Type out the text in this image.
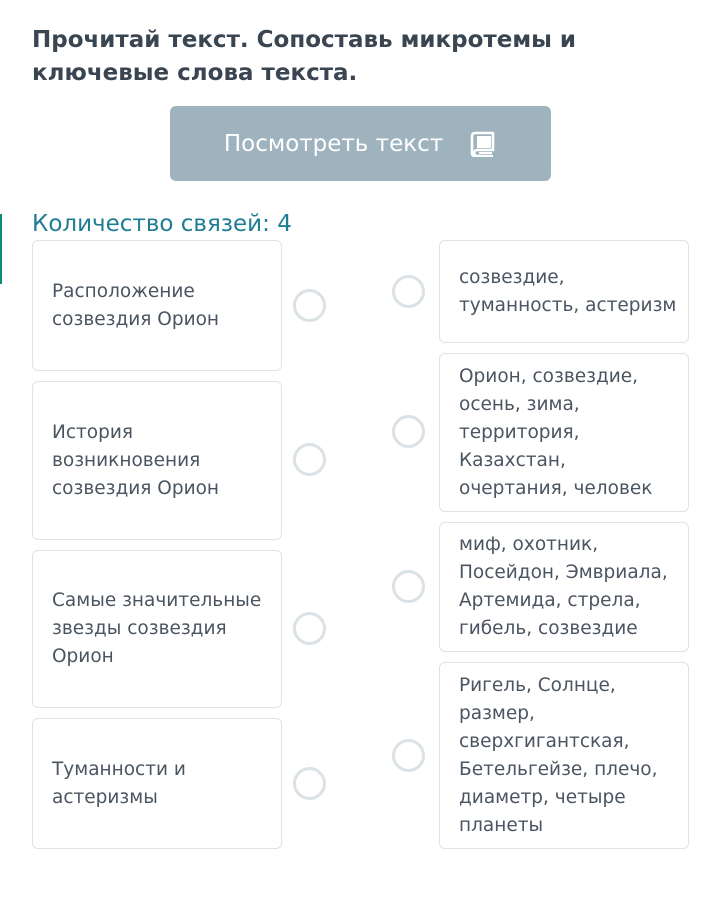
Прочитай текст. Сопоставь микротемы и ключевые слова текста.
Посмотреть текст
Количество связей: 4
Расположение созвездия Орион
История возникновения созвездия Орион
Самые значительные звезды созвездия Орион
Туманности и астеризмы
созвездие, туманность, астеризм
Орион, созвездие, осень, зима, территория, Казахстан, очертания, человек
миф, охотник, Посейдон, Эмвриала, Артемида, стрела, гибель, созвездие
Ригель, Солнце, размер, сверхгигантская, Бетельгейзе, плечо, диаметр, четыре планеты
